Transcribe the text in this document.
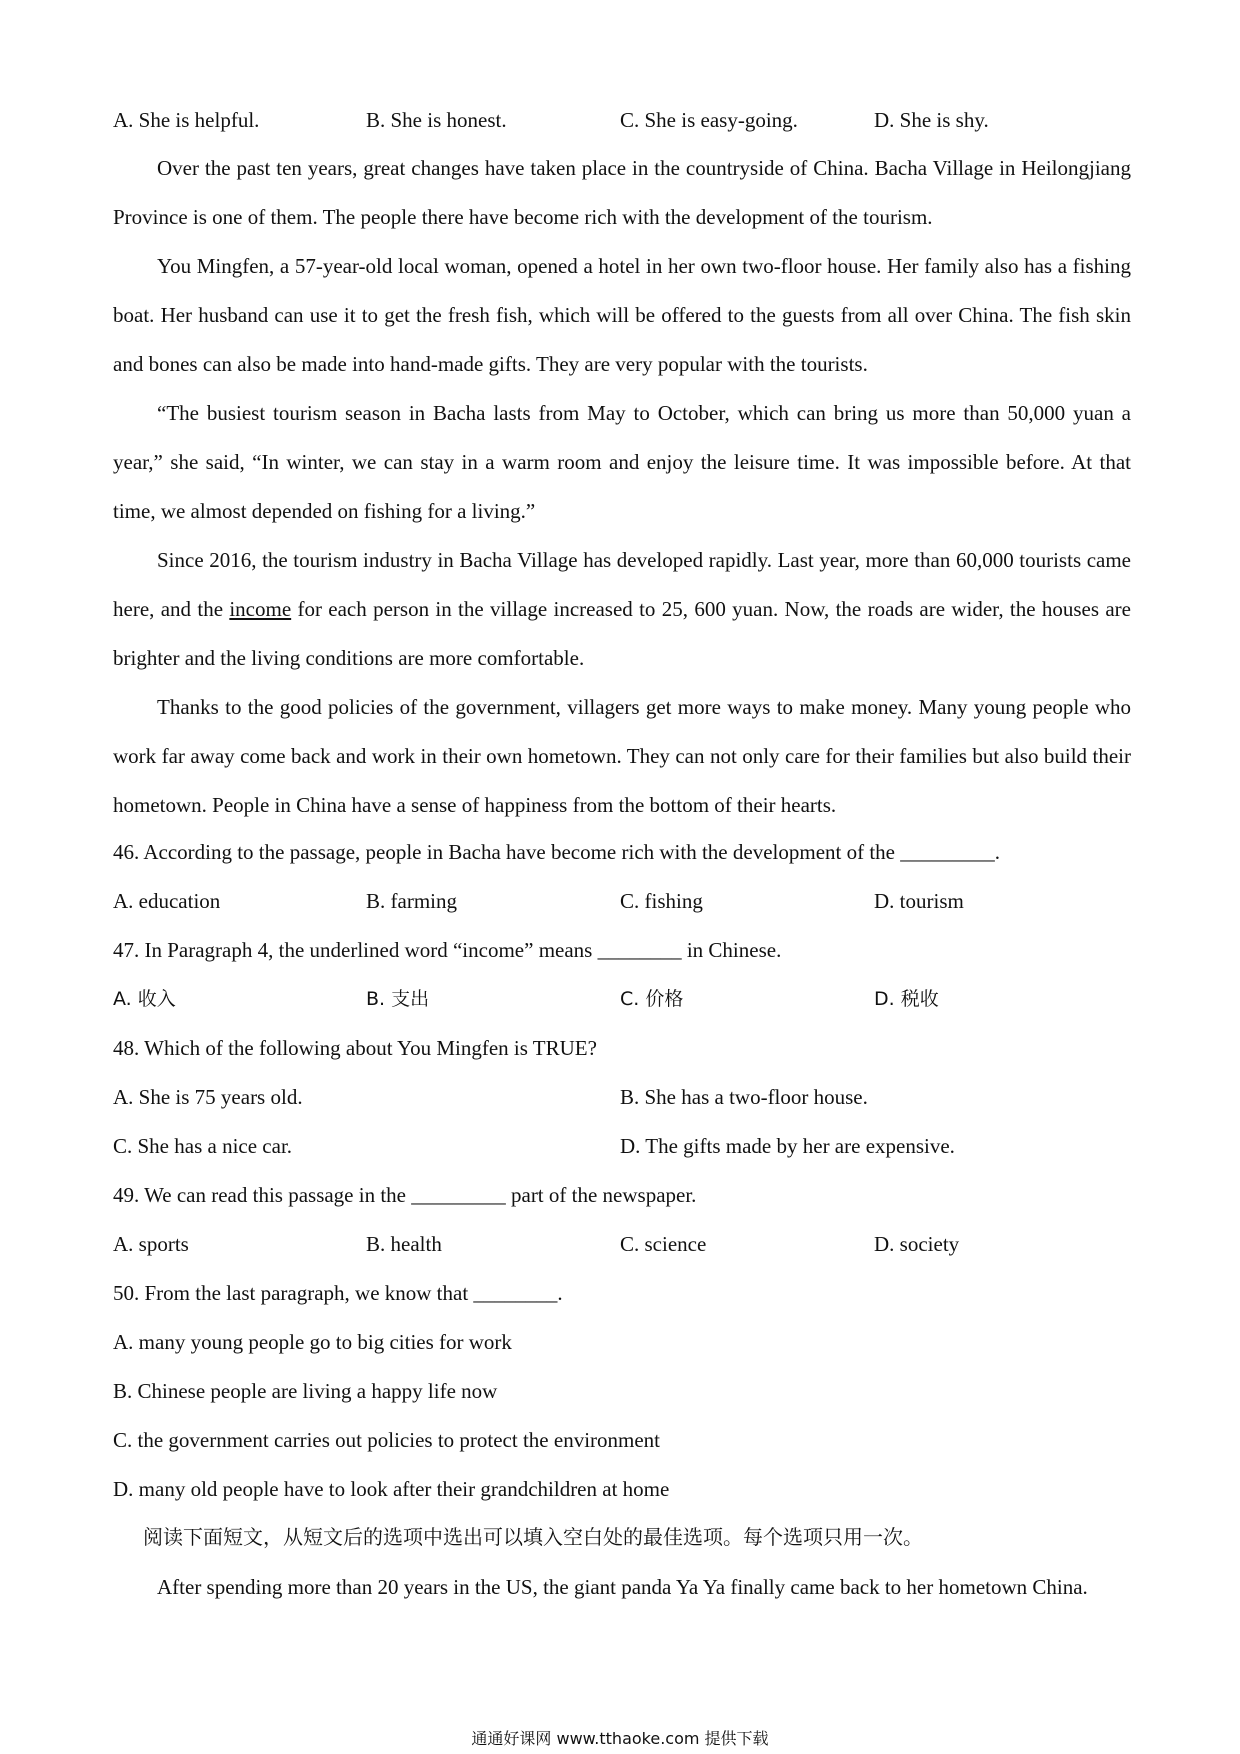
A. She is helpful.	B. She is honest.	C. She is easy-going.	D. She is shy.
Over the past ten years, great changes have taken place in the countryside of China. Bacha Village in Heilongjiang Province is one of them. The people there have become rich with the development of the tourism.
You Mingfen, a 57-year-old local woman, opened a hotel in her own two-floor house. Her family also has a fishing boat. Her husband can use it to get the fresh fish, which will be offered to the guests from all over China. The fish skin and bones can also be made into hand-made gifts. They are very popular with the tourists.
“The busiest tourism season in Bacha lasts from May to October, which can bring us more than 50,000 yuan a year,” she said, “In winter, we can stay in a warm room and enjoy the leisure time. It was impossible before. At that time, we almost depended on fishing for a living.”
Since 2016, the tourism industry in Bacha Village has developed rapidly. Last year, more than 60,000 tourists came here, and the income for each person in the village increased to 25, 600 yuan. Now, the roads are wider, the houses are brighter and the living conditions are more comfortable.
Thanks to the good policies of the government, villagers get more ways to make money. Many young people who work far away come back and work in their own hometown. They can not only care for their families but also build their hometown. People in China have a sense of happiness from the bottom of their hearts.
46. According to the passage, people in Bacha have become rich with the development of the _________.
A. education	B. farming	C. fishing	D. tourism
47. In Paragraph 4, the underlined word “income” means ________ in Chinese.
A. 收入	B. 支出	C. 价格	D. 税收
48. Which of the following about You Mingfen is TRUE?
A. She is 75 years old.	B. She has a two-floor house.
C. She has a nice car.	D. The gifts made by her are expensive.
49. We can read this passage in the _________ part of the newspaper.
A. sports	B. health	C. science	D. society
50. From the last paragraph, we know that ________.
A. many young people go to big cities for work
B. Chinese people are living a happy life now
C. the government carries out policies to protect the environment
D. many old people have to look after their grandchildren at home
阅读下面短文，从短文后的选项中选出可以填入空白处的最佳选项。每个选项只用一次。
After spending more than 20 years in the US, the giant panda Ya Ya finally came back to her hometown China.
通通好课网 www.tthaoke.com 提供下载
